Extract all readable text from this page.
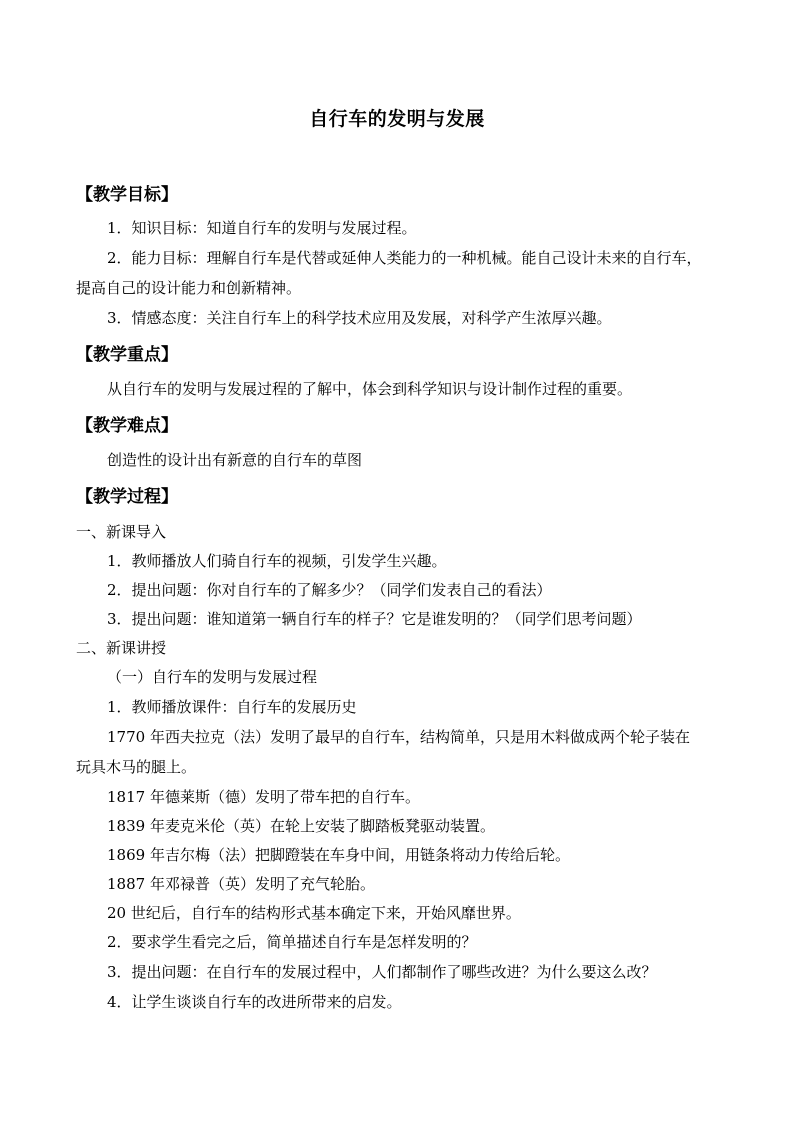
自行车的发明与发展
【教学目标】
1．知识目标：知道自行车的发明与发展过程。
2．能力目标：理解自行车是代替或延伸人类能力的一种机械。能自己设计未来的自行车，
提高自己的设计能力和创新精神。
3．情感态度：关注自行车上的科学技术应用及发展，对科学产生浓厚兴趣。
【教学重点】
从自行车的发明与发展过程的了解中，体会到科学知识与设计制作过程的重要。
【教学难点】
创造性的设计出有新意的自行车的草图
【教学过程】
一、新课导入
1．教师播放人们骑自行车的视频，引发学生兴趣。
2．提出问题：你对自行车的了解多少？（同学们发表自己的看法）
3．提出问题：谁知道第一辆自行车的样子？它是谁发明的？（同学们思考问题）
二、新课讲授
（一）自行车的发明与发展过程
1．教师播放课件：自行车的发展历史
1770 年西夫拉克（法）发明了最早的自行车，结构简单，只是用木料做成两个轮子装在
玩具木马的腿上。
1817 年德莱斯（德）发明了带车把的自行车。
1839 年麦克米伦（英）在轮上安装了脚踏板凳驱动装置。
1869 年吉尔梅（法）把脚蹬装在车身中间，用链条将动力传给后轮。
1887 年邓禄普（英）发明了充气轮胎。
20 世纪后，自行车的结构形式基本确定下来，开始风靡世界。
2．要求学生看完之后，简单描述自行车是怎样发明的？
3．提出问题：在自行车的发展过程中，人们都制作了哪些改进？为什么要这么改？
4．让学生谈谈自行车的改进所带来的启发。
